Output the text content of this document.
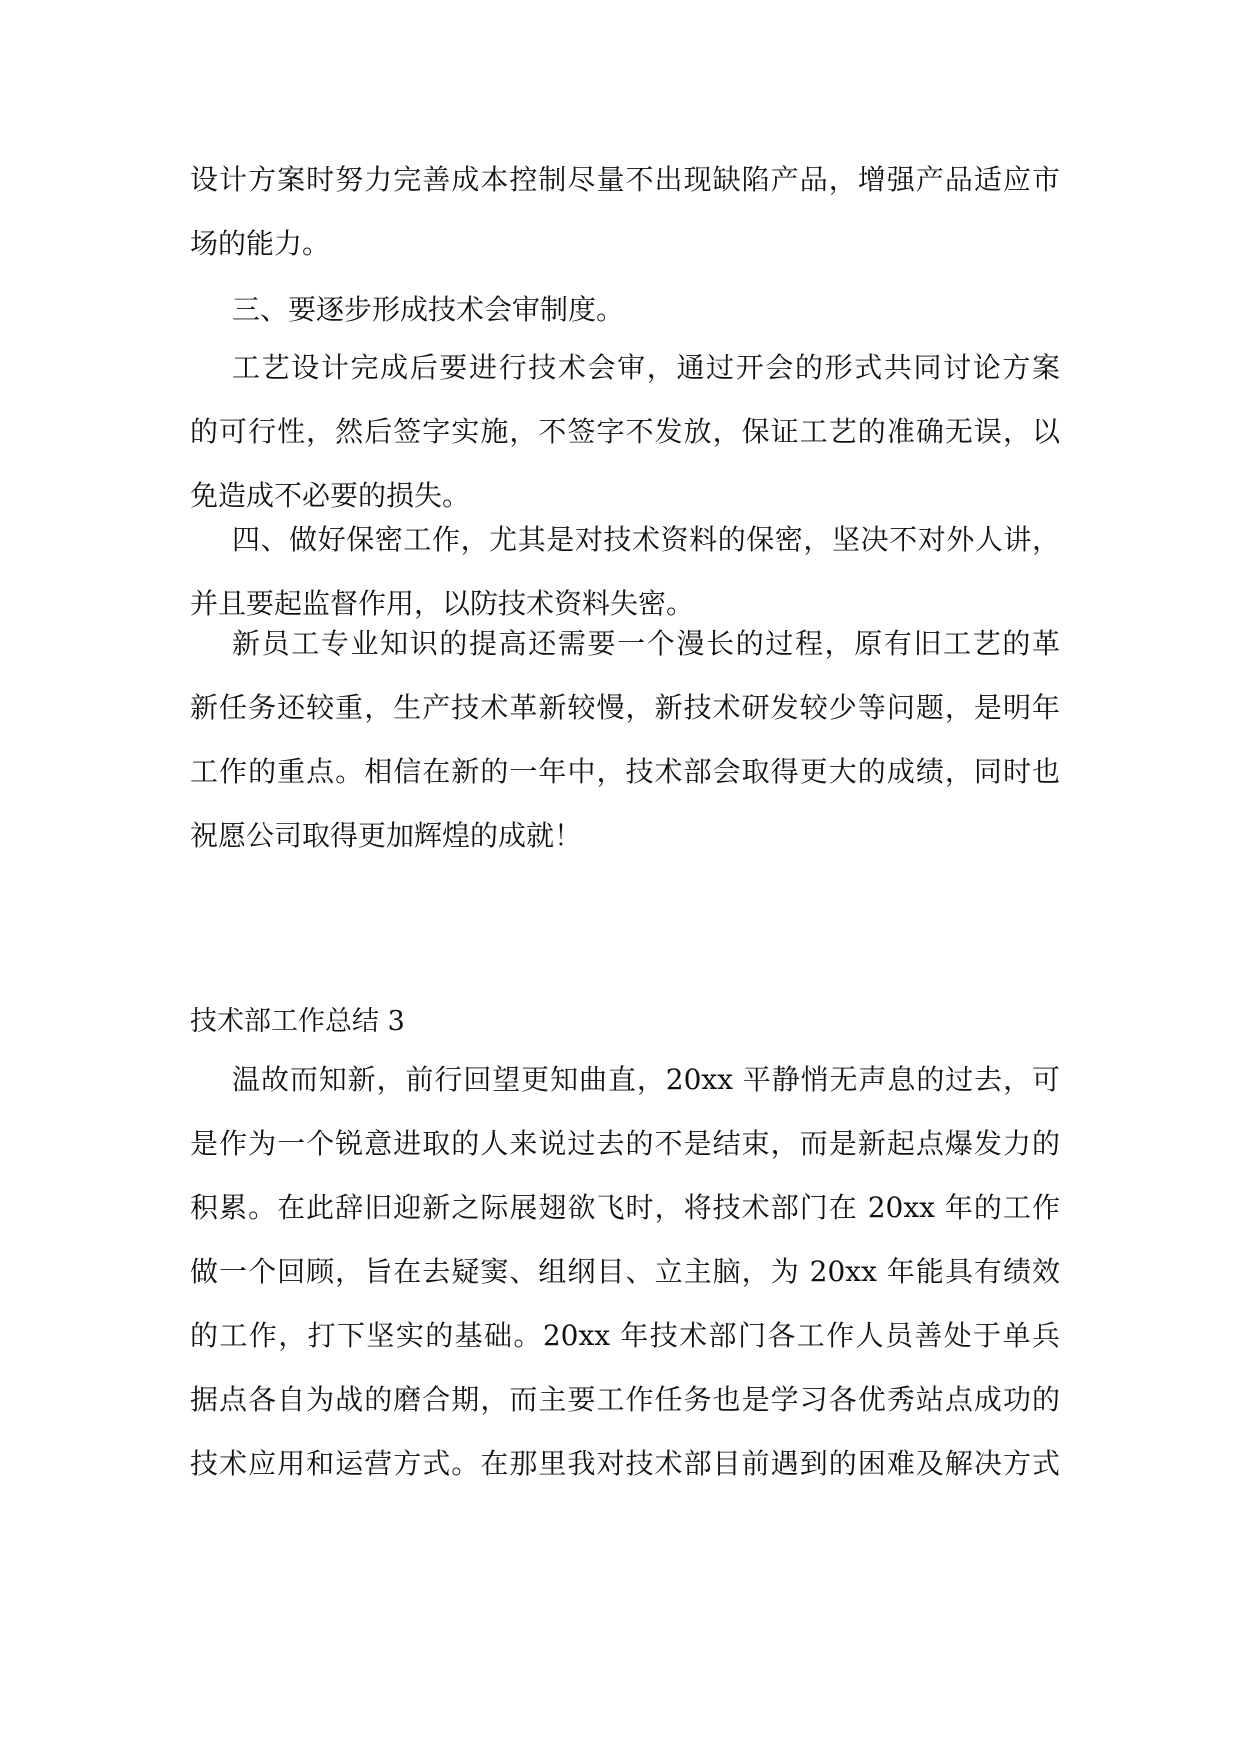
设计方案时努力完善成本控制尽量不出现缺陷产品，增强产品适应市
场的能力。
三、要逐步形成技术会审制度。
工艺设计完成后要进行技术会审，通过开会的形式共同讨论方案
的可行性，然后签字实施，不签字不发放，保证工艺的准确无误，以
免造成不必要的损失。
四、做好保密工作，尤其是对技术资料的保密，坚决不对外人讲，
并且要起监督作用，以防技术资料失密。
新员工专业知识的提高还需要一个漫长的过程，原有旧工艺的革
新任务还较重，生产技术革新较慢，新技术研发较少等问题，是明年
工作的重点。相信在新的一年中，技术部会取得更大的成绩，同时也
祝愿公司取得更加辉煌的成就！
技术部工作总结 3
温故而知新，前行回望更知曲直，20xx 平静悄无声息的过去，可
是作为一个锐意进取的人来说过去的不是结束，而是新起点爆发力的
积累。在此辞旧迎新之际展翅欲飞时，将技术部门在 20xx 年的工作
做一个回顾，旨在去疑窦、组纲目、立主脑，为 20xx 年能具有绩效
的工作，打下坚实的基础。20xx 年技术部门各工作人员善处于单兵
据点各自为战的磨合期，而主要工作任务也是学习各优秀站点成功的
技术应用和运营方式。在那里我对技术部目前遇到的困难及解决方式
